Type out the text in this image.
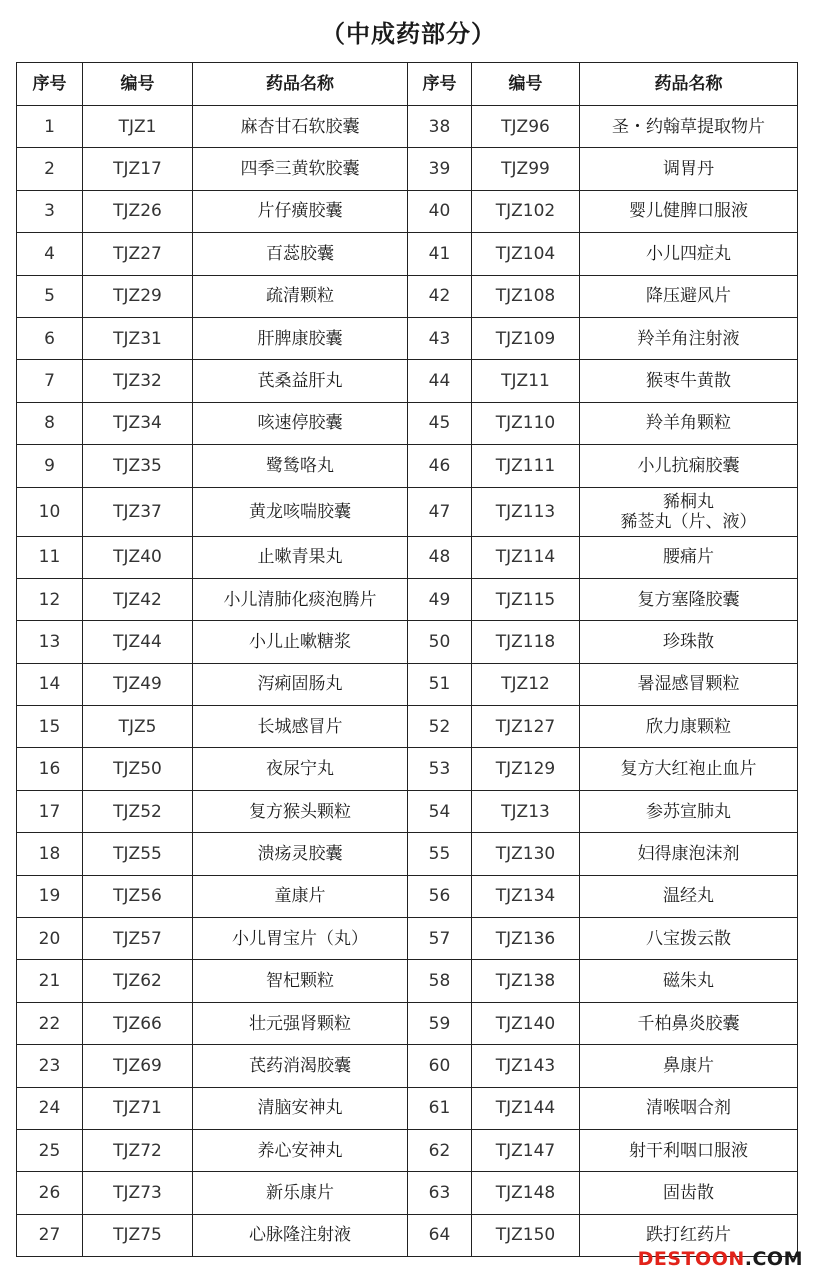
（中成药部分）
序号	编号	药品名称	序号	编号	药品名称
1	TJZ1	麻杏甘石软胶囊	38	TJZ96	圣・约翰草提取物片

2	TJZ17	四季三黄软胶囊	39	TJZ99	调胃丹

3	TJZ26	片仔癀胶囊	40	TJZ102	婴儿健脾口服液

4	TJZ27	百蕊胶囊	41	TJZ104	小儿四症丸

5	TJZ29	疏清颗粒	42	TJZ108	降压避风片

6	TJZ31	肝脾康胶囊	43	TJZ109	羚羊角注射液

7	TJZ32	芪桑益肝丸	44	TJZ11	猴枣牛黄散

8	TJZ34	咳速停胶囊	45	TJZ110	羚羊角颗粒

9	TJZ35	鹭鸶咯丸	46	TJZ111	小儿抗痫胶囊

10	TJZ37	黄龙咳喘胶囊	47	TJZ113	豨桐丸
豨莶丸（片、液）

11	TJZ40	止嗽青果丸	48	TJZ114	腰痛片

12	TJZ42	小儿清肺化痰泡腾片	49	TJZ115	复方塞隆胶囊

13	TJZ44	小儿止嗽糖浆	50	TJZ118	珍珠散

14	TJZ49	泻痢固肠丸	51	TJZ12	暑湿感冒颗粒

15	TJZ5	长城感冒片	52	TJZ127	欣力康颗粒

16	TJZ50	夜尿宁丸	53	TJZ129	复方大红袍止血片

17	TJZ52	复方猴头颗粒	54	TJZ13	参苏宣肺丸

18	TJZ55	溃疡灵胶囊	55	TJZ130	妇得康泡沫剂

19	TJZ56	童康片	56	TJZ134	温经丸

20	TJZ57	小儿胃宝片（丸）	57	TJZ136	八宝拨云散

21	TJZ62	智杞颗粒	58	TJZ138	磁朱丸

22	TJZ66	壮元强肾颗粒	59	TJZ140	千柏鼻炎胶囊

23	TJZ69	芪药消渴胶囊	60	TJZ143	鼻康片

24	TJZ71	清脑安神丸	61	TJZ144	清喉咽合剂

25	TJZ72	养心安神丸	62	TJZ147	射干利咽口服液

26	TJZ73	新乐康片	63	TJZ148	固齿散

27	TJZ75	心脉隆注射液	64	TJZ150	跌打红药片
DESTOON.COM
